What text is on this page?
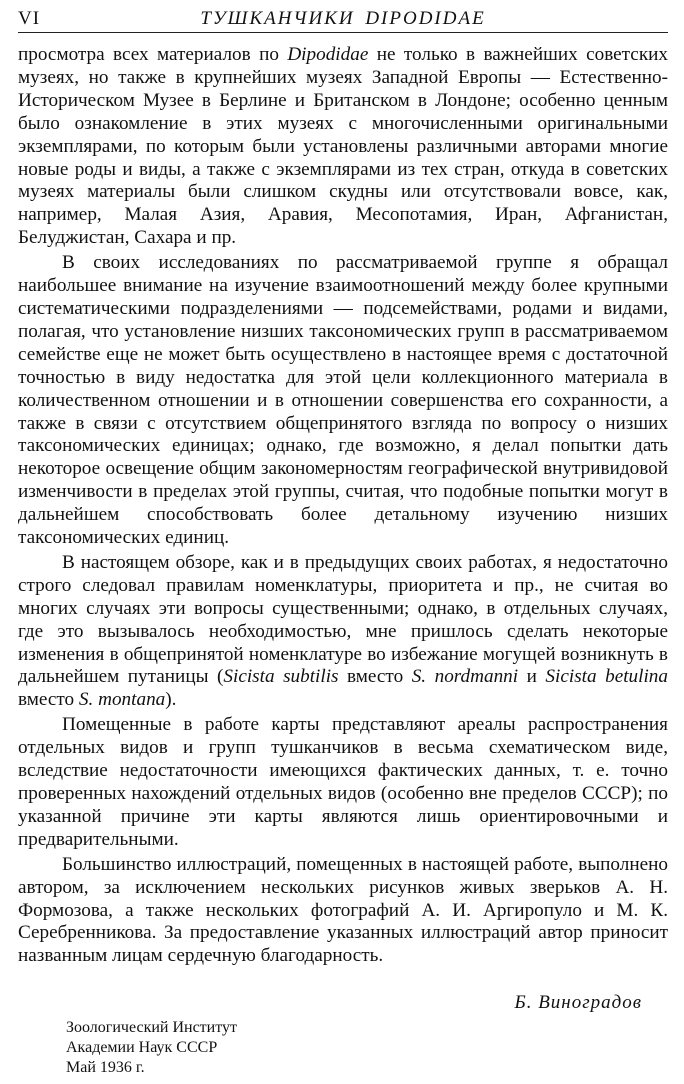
VI	ТУШКАНЧИКИ DIPODIDAE

просмотра всех материалов по Dipodidae не только в важнейших советских музеях, но также в крупнейших музеях Западной Европы — Естественно-Историческом Музее в Берлине и Британском в Лондоне; особенно ценным было ознакомление в этих музеях с многочисленными оригинальными экземплярами, по которым были установлены различными авторами многие новые роды и виды, а также с экземплярами из тех стран, откуда в советских музеях материалы были слишком скудны или отсутствовали вовсе, как, например, Малая Азия, Аравия, Месопотамия, Иран, Афганистан, Белуджистан, Сахара и пр.

В своих исследованиях по рассматриваемой группе я обращал наибольшее внимание на изучение взаимоотношений между более крупными систематическими подразделениями — подсемействами, родами и видами, полагая, что установление низших таксономических групп в рассматриваемом семействе еще не может быть осуществлено в настоящее время с достаточной точностью в виду недостатка для этой цели коллекционного материала в количественном отношении и в отношении совершенства его сохранности, а также в связи с отсутствием общепринятого взгляда по вопросу о низших таксономических единицах; однако, где возможно, я делал попытки дать некоторое освещение общим закономерностям географической внутривидовой изменчивости в пределах этой группы, считая, что подобные попытки могут в дальнейшем способствовать более детальному изучению низших таксономических единиц.

В настоящем обзоре, как и в предыдущих своих работах, я недостаточно строго следовал правилам номенклатуры, приоритета и пр., не считая во многих случаях эти вопросы существенными; однако, в отдельных случаях, где это вызывалось необходимостью, мне пришлось сделать некоторые изменения в общепринятой номенклатуре во избежание могущей возникнуть в дальнейшем путаницы (Sicista subtilis вместо S. nordmanni и Sicista betulina вместо S. montana).

Помещенные в работе карты представляют ареалы распространения отдельных видов и групп тушканчиков в весьма схематическом виде, вследствие недостаточности имеющихся фактических данных, т. е. точно проверенных нахождений отдельных видов (особенно вне пределов СССР); по указанной причине эти карты являются лишь ориентировочными и предварительными.

Большинство иллюстраций, помещенных в настоящей работе, выполнено автором, за исключением нескольких рисунков живых зверьков А. Н. Формозова, а также нескольких фотографий А. И. Аргиропуло и М. К. Серебренникова. За предоставление указанных иллюстраций автор приносит названным лицам сердечную благодарность.

Б. Виноградов
Зоологический Институт
Академии Наук СССР
Май 1936 г.
